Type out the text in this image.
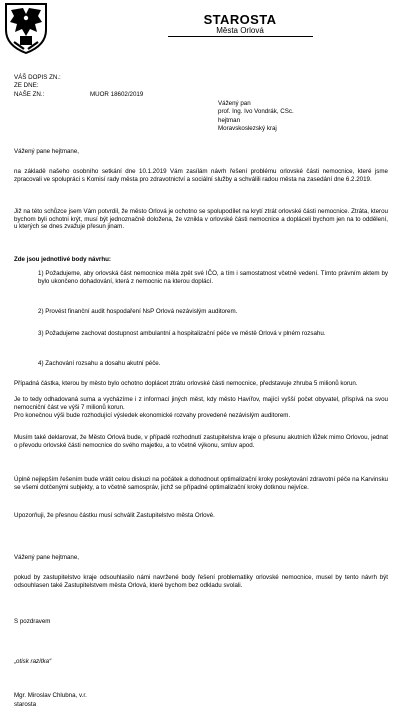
STAROSTA
Města Orlová
VÁŠ DOPIS ZN.:
ZE DNE:
NAŠE ZN.:	MUOR 18602/2019
Vážený pan
prof. Ing. Ivo Vondrák, CSc.
hejtman
Moravskoslezský kraj
Vážený pane hejtmane,
na základě našeho osobního setkání dne 10.1.2019 Vám zasílám návrh řešení problému orlovské části nemocnice, které jsme zpracovali ve spolupráci s Komisí rady města pro zdravotnictví a sociální služby a schválili radou města na zasedání dne 6.2.2019.
Již na této schůzce jsem Vám potvrdil, že město Orlová je ochotno se spolupodílet na krytí ztrát orlovské části nemocnice. Ztráta, kterou bychom byli ochotni krýt, musí být jednoznačně doložena, že vznikla v orlovské části nemocnice a dopláceli bychom jen na to oddělení, u kterých se dnes zvažuje přesun jinam.
Zde jsou jednotlivé body návrhu:
1) Požadujeme, aby orlovská část nemocnice měla zpět své IČO, a tím i samostatnost včetně vedení. Tímto právním aktem by bylo ukončeno dohadování, která z nemocnic na kterou doplácí.
2) Provést finanční audit hospodaření NsP Orlová nezávislým auditorem.
3) Požadujeme zachovat dostupnost ambulantní a hospitalizační péče ve městě Orlová v plném rozsahu.
4) Zachování rozsahu a dosahu akutní péče.
Případná částka, kterou by město bylo ochotno doplácet ztrátu orlovské části nemocnice, představuje zhruba 5 milionů korun.
Je to tedy odhadovaná suma a vycházíme i z informací jiných měst, kdy město Havířov, mající vyšší počet obyvatel, přispívá na svou nemocniční část ve výši 7 milionů korun.
Pro konečnou výši bude rozhodující výsledek ekonomické rozvahy provedené nezávislým auditorem.
Musím také deklarovat, že Město Orlová bude, v případě rozhodnutí zastupitelstva kraje o přesunu akutních lůžek mimo Orlovou, jednat o převodu orlovské části nemocnice do svého majetku, a to včetně výkonu, smluv apod.
Úplně nejlepším řešením bude vrátit celou diskuzi na počátek a dohodnout optimalizační kroky poskytování zdravotní péče na Karvinsku se všemi dotčenými subjekty, a to včetně samospráv, jichž se případné optimalizační kroky dotknou nejvíce.
Upozorňuji, že přesnou částku musí schválit Zastupitelstvo města Orlové.
Vážený pane hejtmane,
pokud by zastupitelstvo kraje odsouhlasilo námi navržené body řešení problematiky orlovské nemocnice, musel by tento návrh být odsouhlasen také Zastupitelstvem města Orlová, které bychom bez odkladu svolali.
S pozdravem
„otisk razítka“
Mgr. Miroslav Chlubna, v.r.
starosta
